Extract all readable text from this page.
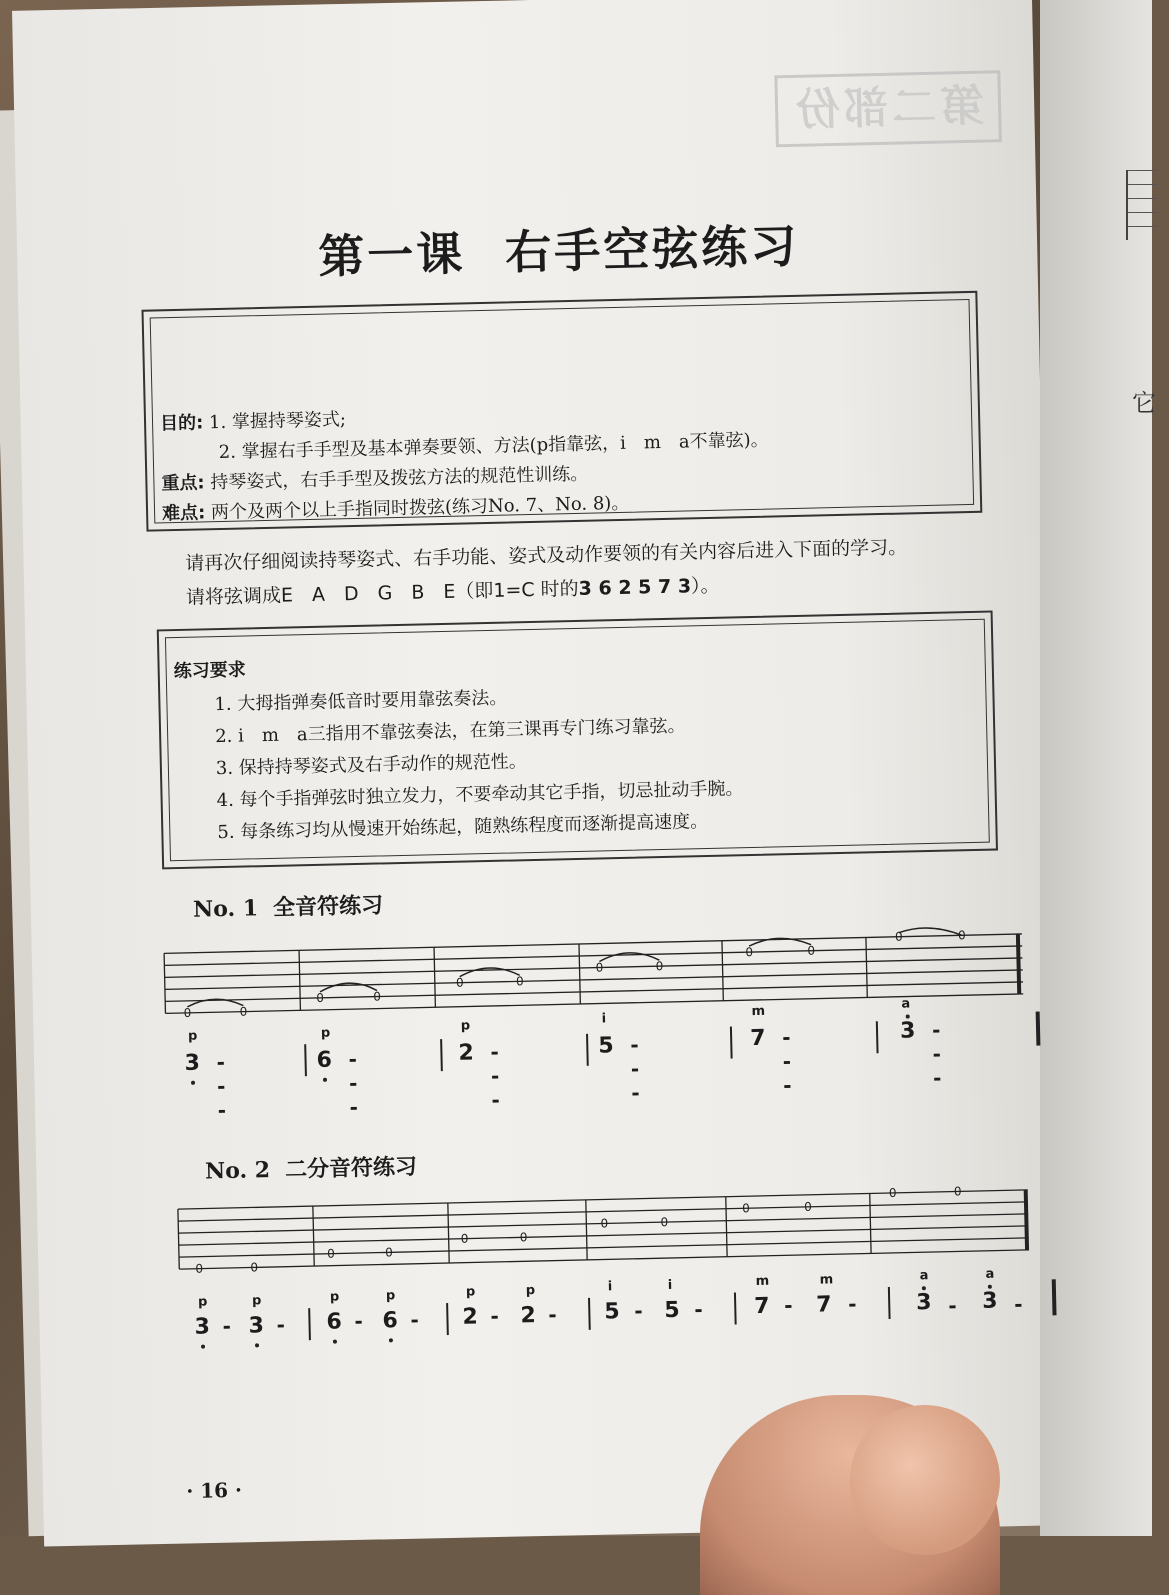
它
第二部份
第一课 右手空弦练习
目的: 1. 掌握持琴姿式;
2. 掌握右手手型及基本弹奏要领、方法(p指靠弦，i　m　a不靠弦)。
重点: 持琴姿式，右手手型及拨弦方法的规范性训练。
难点: 两个及两个以上手指同时拨弦(练习No. 7、No. 8)。
请再次仔细阅读持琴姿式、右手功能、姿式及动作要领的有关内容后进入下面的学习。
请将弦调成E　A　D　G　B　E（即1=C 时的3 6 2 5 7 3）。
练习要求
1. 大拇指弹奏低音时要用靠弦奏法。
2. i　m　a三指用不靠弦奏法，在第三课再专门练习靠弦。
3. 保持持琴姿式及右手动作的规范性。
4. 每个手指弹弦时独立发力，不要牵动其它手指，切忌扯动手腕。
5. 每条练习均从慢速开始练起，随熟练程度而逐渐提高速度。
No. 1 全音符练习
0	0
0	0
0	0
0	0
0	0
0	0
p
3 - - -
p
6 - - -
p
2 - - -
i
5 - - -
m
7 - - -
a
3 - - -
No. 2 二分音符练习
0	0
0	0
0	0
0	0
0	0
0	0
p	p
3 - 3 -
p	p
6 - 6 -
p	p
2 - 2 -
i	i
5 - 5 -
m	m
7 - 7 -
a	a
3 - 3 -
· 16 ·
